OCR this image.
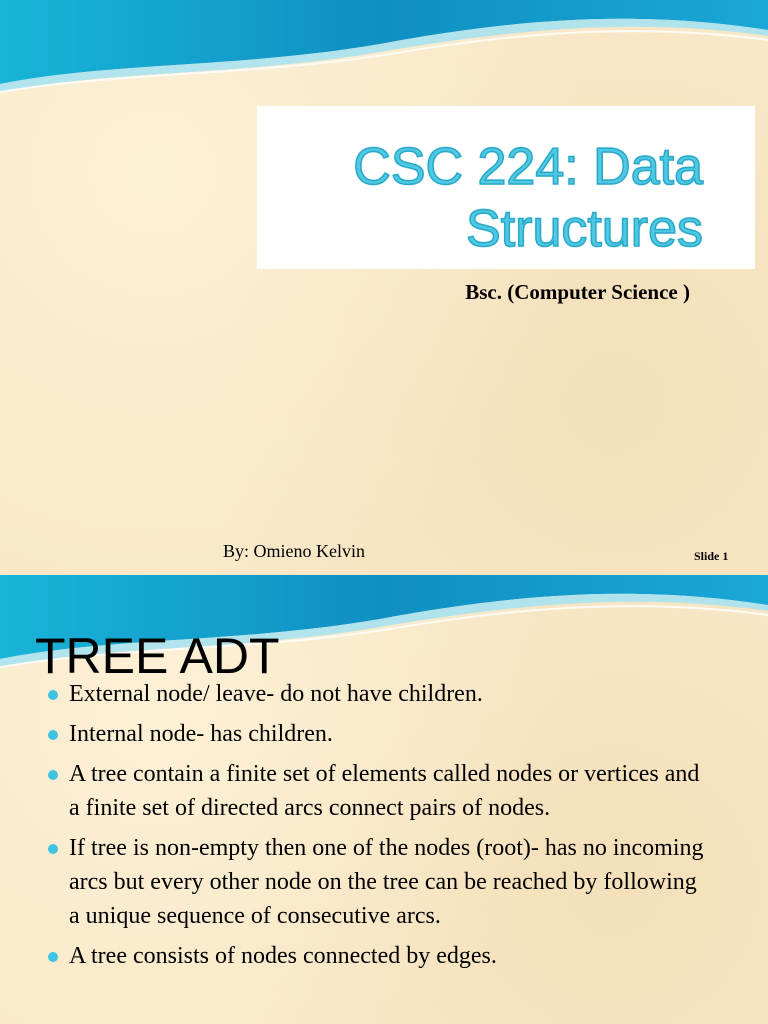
CSC 224: Data
Structures
Bsc. (Computer Science )
By: Omieno Kelvin	Slide 1
TREE ADT
External node/ leave- do not have children.
Internal node- has children.
A tree contain a finite set of elements called nodes or vertices and a finite set of directed arcs connect pairs of nodes.
If tree is non-empty then one of the nodes (root)- has no incoming arcs but every other node on the tree can be reached by following a unique sequence of consecutive arcs.
A tree consists of nodes connected by edges.
